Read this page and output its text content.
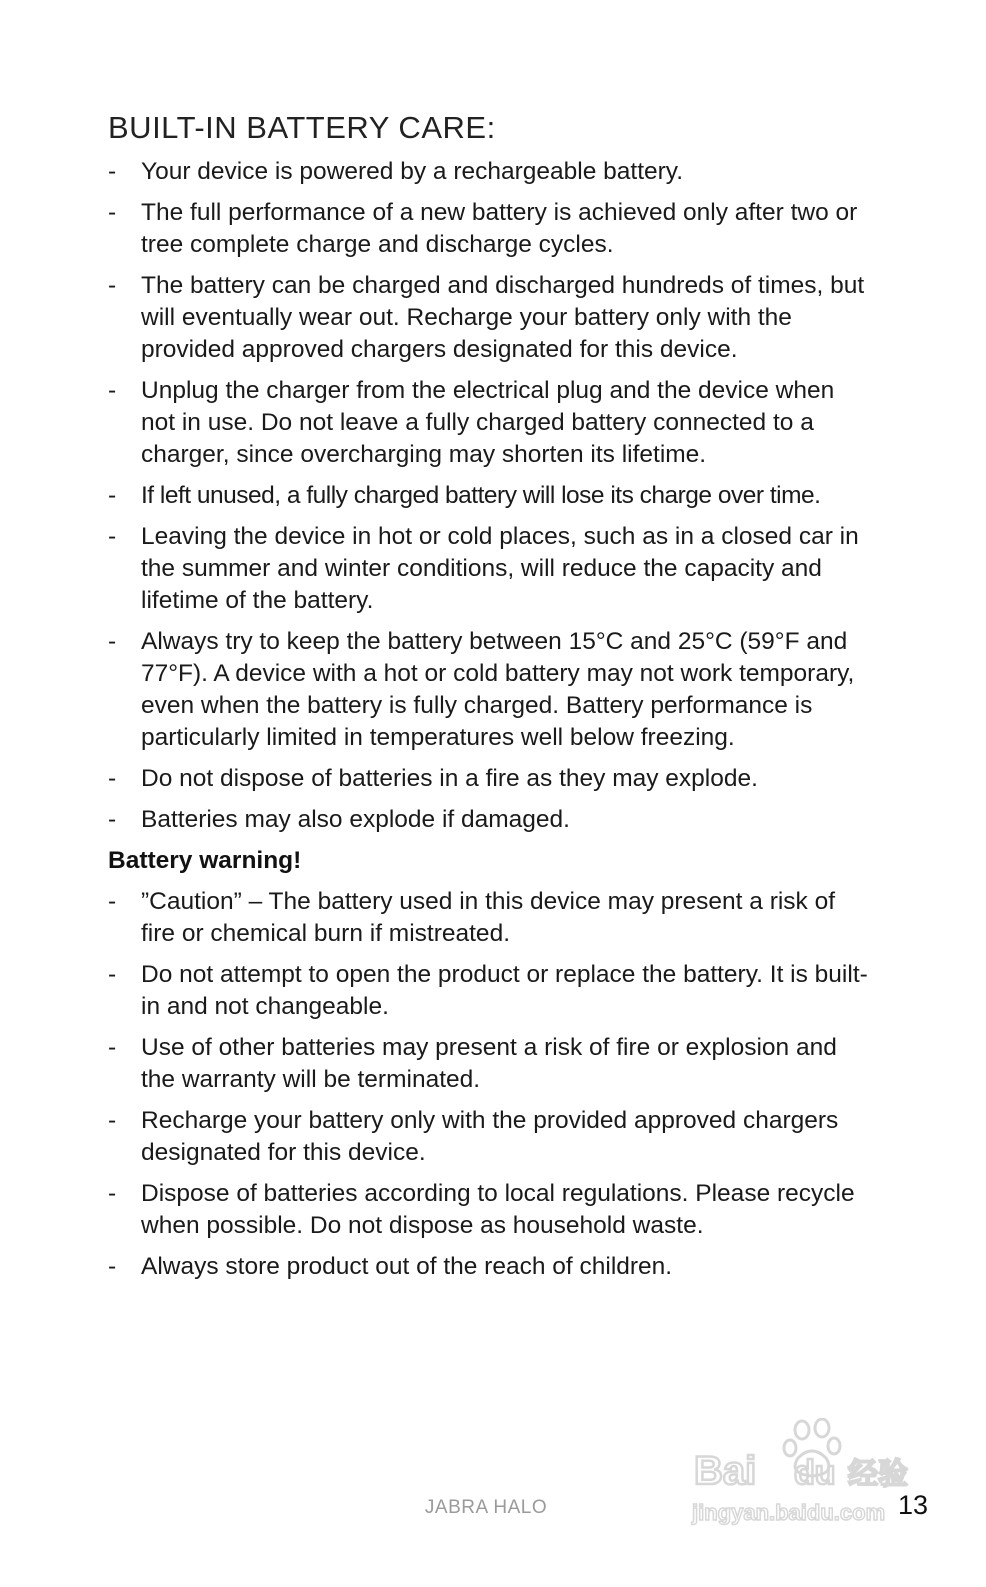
BUILT-IN BATTERY CARE:
-	Your device is powered by a rechargeable battery.
-	The full performance of a new battery is achieved only after two or tree complete charge and discharge cycles.
-	The battery can be charged and discharged hundreds of times, but will eventually wear out. Recharge your battery only with the provided approved chargers designated for this device.
-	Unplug the charger from the electrical plug and the device when not in use. Do not leave a fully charged battery connected to a charger, since overcharging may shorten its lifetime.
-	If left unused, a fully charged battery will lose its charge over time.
-	Leaving the device in hot or cold places, such as in a closed car in the summer and winter conditions, will reduce the capacity and lifetime of the battery.
-	Always try to keep the battery between 15°C and 25°C (59°F and 77°F). A device with a hot or cold battery may not work temporary, even when the battery is fully charged. Battery performance is particularly limited in temperatures well below freezing.
-	Do not dispose of batteries in a fire as they may explode.
-	Batteries may also explode if damaged.
Battery warning!
-	”Caution” – The battery used in this device may present a risk of fire or chemical burn if mistreated.
-	Do not attempt to open the product or replace the battery. It is built-in and not changeable.
-	Use of other batteries may present a risk of fire or explosion and the warranty will be terminated.
-	Recharge your battery only with the provided approved chargers designated for this device.
-	Dispose of batteries according to local regulations. Please recycle when possible. Do not dispose as household waste.
-	Always store product out of the reach of children.
Bai du 经验
jingyan.baidu.com
JABRA HALO	13
